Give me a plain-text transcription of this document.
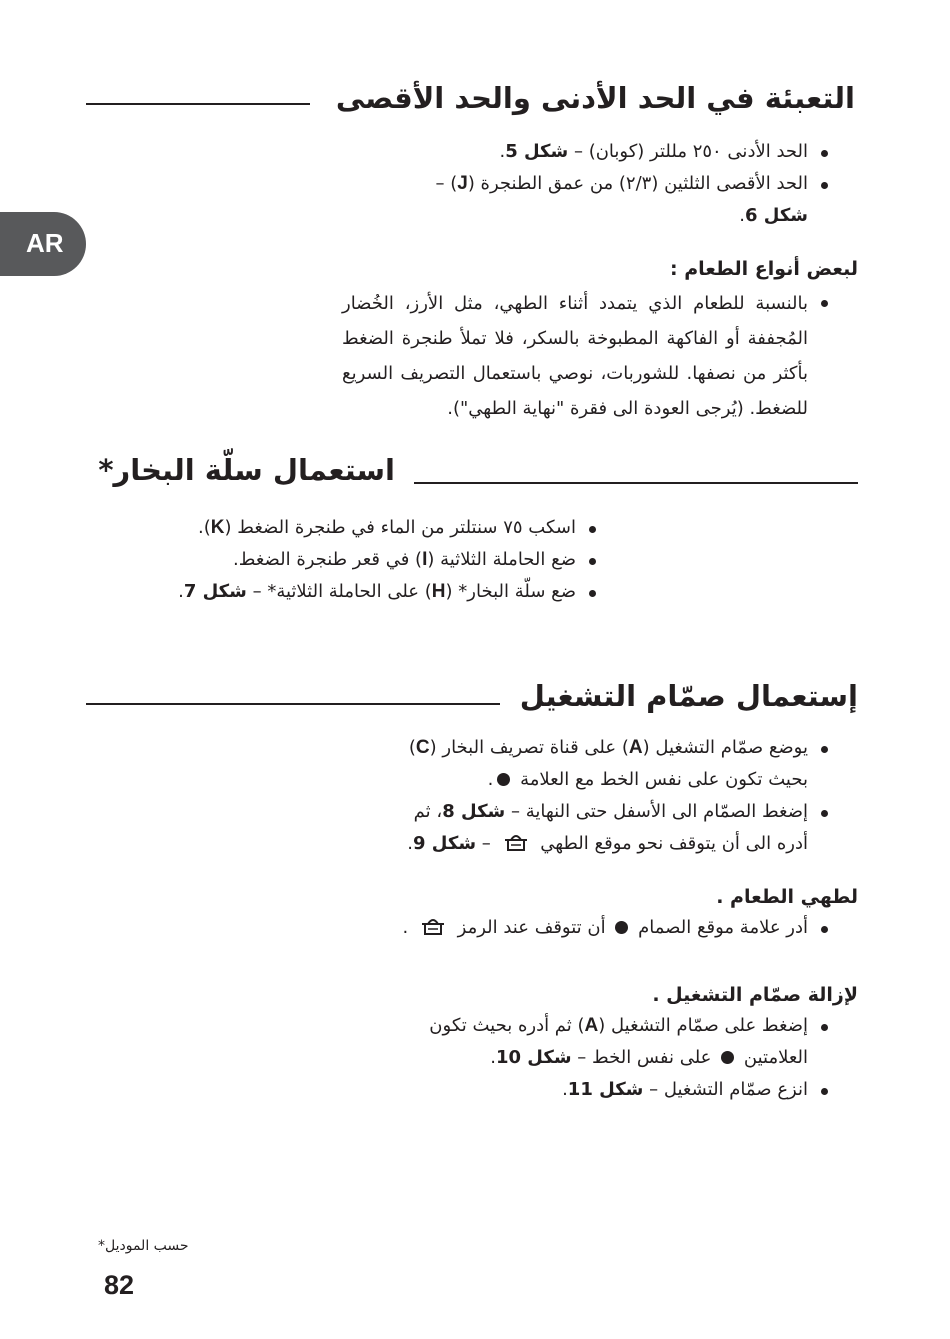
AR
التعبئة في الحد الأدنى والحد الأقصى
الحد الأدنى ٢٥٠ مللتر (كوبان) – شكل 5.
الحد الأقصى الثلثين (٢/٣) من عمق الطنجرة (J) –
شكل 6.
لبعض أنواع الطعام :
بالنسبة للطعام الذي يتمدد أثناء الطهي، مثل الأرز، الخُضار المُجففة أو الفاكهة المطبوخة بالسكر، فلا تملأ طنجرة الضغط بأكثر من نصفها. للشوربات، نوصي باستعمال التصريف السريع للضغط. (يُرجى العودة الى فقرة "نهاية الطهي").
استعمال سلّة البخار*
اسكب ٧٥ سنتلتر من الماء في طنجرة الضغط (K).
ضع الحاملة الثلاثية (I) في قعر طنجرة الضغط.
ضع سلّة البخار* (H) على الحاملة الثلاثية* – شكل 7.
إستعمال صمّام التشغيل
يوضع صمّام التشغيل (A) على قناة تصريف البخار (C)
بحيث تكون على نفس الخط مع العلامة .
إضغط الصمّام الى الأسفل حتى النهاية – شكل 8، ثم
أدره الى أن يتوقف نحو موقع الطهي  – شكل 9.
لطهي الطعام .
أدر علامة موقع الصمام  أن تتوقف عند الرمز  .
لإزالة صمّام التشغيل .
إضغط على صمّام التشغيل (A) ثم أدره بحيث تكون
العلامتين  على نفس الخط – شكل 10.
انزع صمّام التشغيل – شكل 11.
حسب الموديل*
82
